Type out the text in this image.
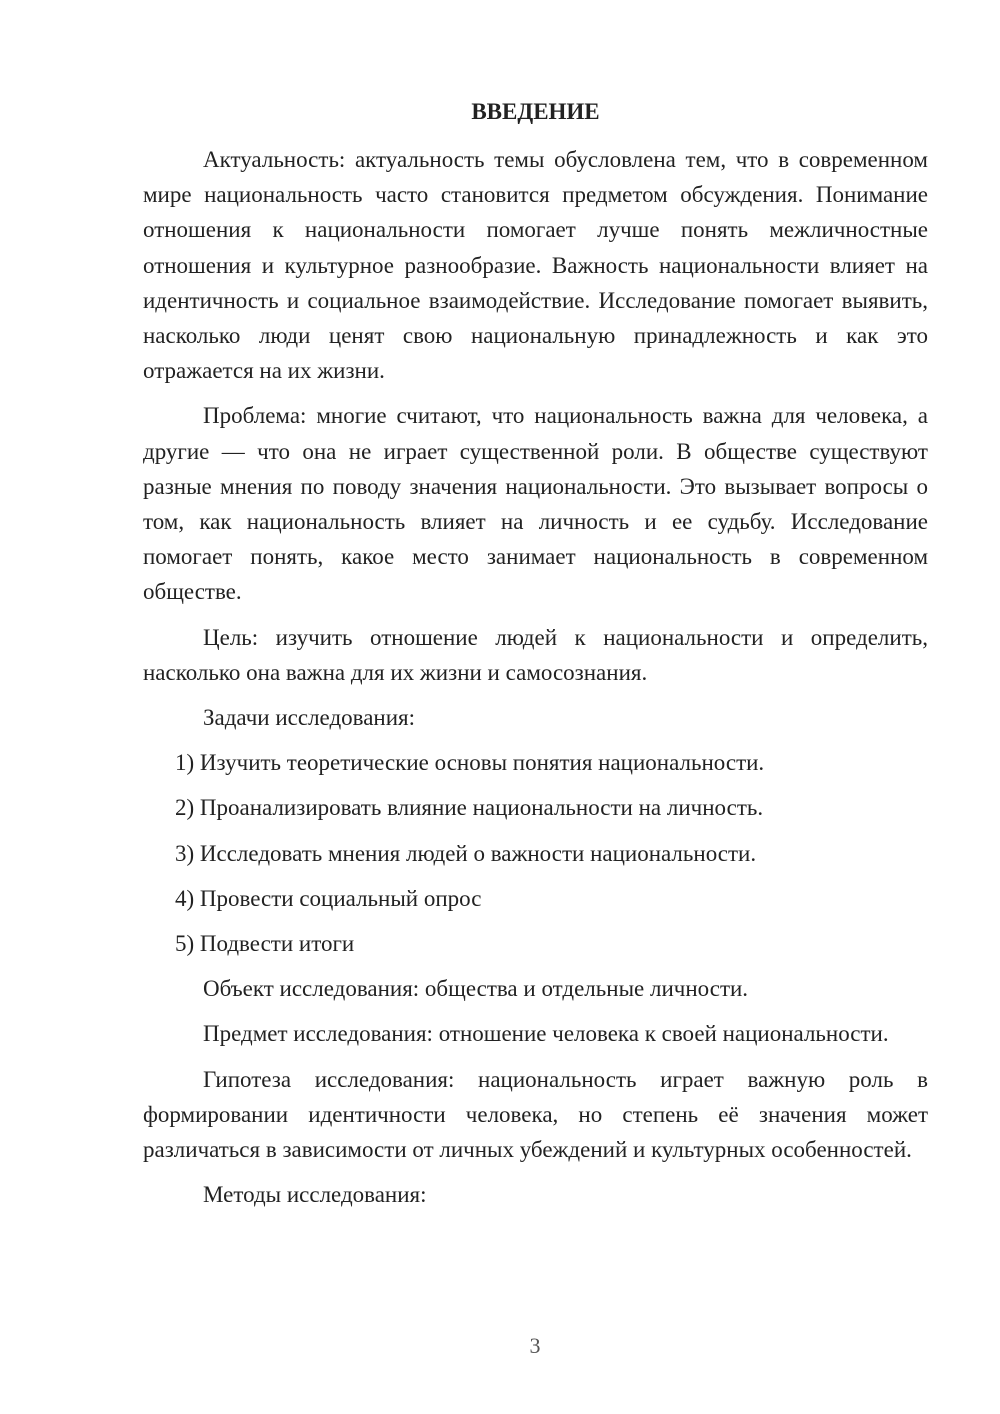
ВВЕДЕНИЕ

Актуальность: актуальность темы обусловлена тем, что в современном мире национальность часто становится предметом обсуждения. Понимание отношения к национальности помогает лучше понять межличностные отношения и культурное разнообразие. Важность национальности влияет на идентичность и социальное взаимодействие. Исследование помогает выявить, насколько люди ценят свою национальную принадлежность и как это отражается на их жизни.

Проблема: многие считают, что национальность важна для человека, а другие — что она не играет существенной роли. В обществе существуют разные мнения по поводу значения национальности. Это вызывает вопросы о том, как национальность влияет на личность и ее судьбу. Исследование помогает понять, какое место занимает национальность в современном обществе.

Цель: изучить отношение людей к национальности и определить, насколько она важна для их жизни и самосознания.

Задачи исследования:

1) Изучить теоретические основы понятия национальности.
2) Проанализировать влияние национальности на личность.
3) Исследовать мнения людей о важности национальности.
4) Провести социальный опрос
5) Подвести итоги

Объект исследования: общества и отдельные личности.

Предмет исследования: отношение человека к своей национальности.

Гипотеза исследования: национальность играет важную роль в формировании идентичности человека, но степень её значения может различаться в зависимости от личных убеждений и культурных особенностей.

Методы исследования:

3
